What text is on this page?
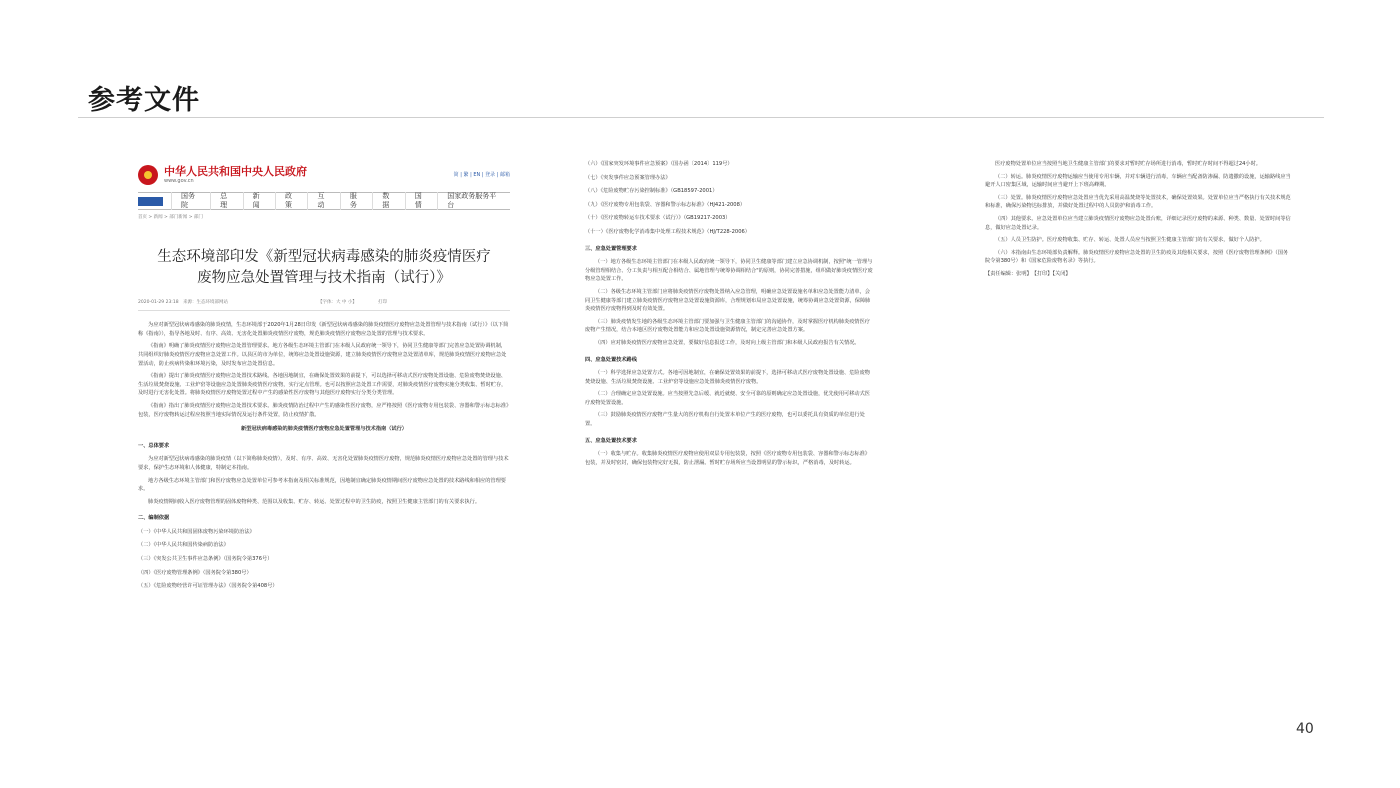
参考文件
中华人民共和国中央人民政府
www.gov.cn
简 | 繁 | EN | 登录 | 邮箱
国务院
总理
新闻
政策
互动
服务
数据
国情
国家政务服务平台
首页 > 新闻 > 部门新闻 > 部门
生态环境部印发《新型冠状病毒感染的肺炎疫情医疗
废物应急处置管理与技术指南（试行）》
2020-01-29 23:18　来源：生态环境部网站	【字体：大 中 小】	打印

为应对新型冠状病毒感染的肺炎疫情，生态环境部于2020年1月28日印发《新型冠状病毒感染的肺炎疫情医疗废物应急处置管理与技术指南（试行）》（以下简称《指南》），指导各地及时、有序、高效、无害化处置肺炎疫情医疗废物，规范肺炎疫情医疗废物应急处置的管理与技术要求。

《指南》明确了肺炎疫情医疗废物应急处置管理要求。地方各级生态环境主管部门在本级人民政府统一领导下，协同卫生健康等部门完善应急处置协调机制，共同组织好肺炎疫情医疗废物应急处置工作。以县区的市为单位，统筹应急处置设施资源，建立肺炎疫情医疗废物应急处置清单库，规范肺炎疫情医疗废物应急处置活动，防止疾病传染和环境污染，及时发布应急处置信息。

《指南》提出了肺炎疫情医疗废物应急处置技术路线。各地因地制宜，在确保处置效果的前提下，可以选择可移动式医疗废物处置设施、危险废物焚烧设施、生活垃圾焚烧设施、工业炉窑等设施应急处置肺炎疫情医疗废物，实行定点管理。也可以按照应急处置工作需要，对肺炎疫情医疗废物实施分类收集、暂时贮存，及时进行无害化处置。将肺炎疫情医疗废物处置过程中产生的感染性医疗废物与其他医疗废物实行分类分类管理。

《指南》指出了肺炎疫情医疗废物应急处置技术要求。肺炎疫情防治过程中产生的感染性医疗废物，应严格按照《医疗废物专用包装袋、容器和警示标志标准》包装，医疗废物转运过程应按照当地实际情况及运行条件处置，防止疫情扩散。

新型冠状病毒感染的肺炎疫情医疗废物应急处置管理与技术指南（试行）
一、总体要求

为应对新型冠状病毒感染的肺炎疫情（以下简称肺炎疫情），及时、有序、高效、无害化处置肺炎疫情医疗废物，规范肺炎疫情医疗废物应急处置的管理与技术要求，保护生态环境和人体健康，特制定本指南。

地方各级生态环境主管部门和医疗废物应急处置单位可参考本指南及相关标准规范，因地制宜确定肺炎疫情期间医疗废物应急处置的技术路线和相应的管理要求。

肺炎疫情期间收入医疗废物管理的固体废物种类、范围以及收集、贮存、转运、处置过程中的卫生防疫，按照卫生健康主管部门的有关要求执行。

二、编制依据
（一）《中华人民共和国固体废物污染环境防治法》
（二）《中华人民共和国传染病防治法》
（三）《突发公共卫生事件应急条例》（国务院令第376号）
（四）《医疗废物管理条例》（国务院令第380号）
（五）《危险废物经营许可证管理办法》（国务院令第408号）
（六）《国家突发环境事件应急预案》（国办函〔2014〕119号）
（七）《突发事件应急预案管理办法》
（八）《危险废物贮存污染控制标准》（GB18597-2001）
（九）《医疗废物专用包装袋、容器和警示标志标准》（HJ421-2008）
（十）《医疗废物转运车技术要求（试行）》（GB19217-2003）
（十一）《医疗废物化学消毒集中处理工程技术规范》（HJ/T228-2006）
三、应急处置管理要求

（一）地方各级生态环境主管部门在本级人民政府统一领导下，协同卫生健康等部门建立应急协调机制，按照"统一管理与分级管理相结合、分工负责与相互配合相结合、属地管理与统筹协调相结合"的原则，协同完善措施，组织做好肺炎疫情医疗废物应急处置工作。

（二）各级生态环境主管部门应将肺炎疫情医疗废物处置纳入应急管理，明确应急处置设施名单和应急处置能力清单，会同卫生健康等部门建立肺炎疫情医疗废物应急处置设施资源库，合理规划布局应急处置设施，统筹协调应急处置资源，保障肺炎疫情医疗废物得到及时有效处置。

（三）肺炎疫情发生地的各级生态环境主管部门要加强与卫生健康主管部门的沟通协作，及时掌握医疗机构肺炎疫情医疗废物产生情况，结合本地区医疗废物处置能力和应急处置设施资源情况，制定完善应急处置方案。

（四）应对肺炎疫情医疗废物应急处置，要做好信息报送工作，及时向上级主管部门和本级人民政府报告有关情况。

四、应急处置技术路线

（一）科学选择应急处置方式。各地可因地制宜，在确保处置效果的前提下，选择可移动式医疗废物处置设施、危险废物焚烧设施、生活垃圾焚烧设施、工业炉窑等设施应急处置肺炎疫情医疗废物。

（二）合理确定应急处置设施。应当按照先急后缓、就近就便、安全可靠的原则确定应急处置设施，优先使用可移动式医疗废物处置设施。

（三）鼓励肺炎疫情医疗废物产生量大的医疗机构自行处置本单位产生的医疗废物，也可以委托具有资质的单位进行处置。

五、应急处置技术要求

（一）收集与贮存。收集肺炎疫情医疗废物应使用双层专用包装袋，按照《医疗废物专用包装袋、容器和警示标志标准》包装，并及时密封，确保包装物完好无损，防止泄漏。暂时贮存场所应当设置明显的警示标识，严格消毒，及时转运。

医疗废物处置单位应当按照当地卫生健康主管部门的要求对暂时贮存场所进行消毒，暂时贮存时间不得超过24小时。

（二）转运。肺炎疫情医疗废物运输应当使用专用车辆，并对车辆进行消毒，车辆应当配备防渗漏、防遗撒的设施，运输路线应当避开人口密集区域，运输时间应当避开上下班高峰期。

（三）处置。肺炎疫情医疗废物应急处置应当优先采用高温焚烧等处置技术，确保处置效果。处置单位应当严格执行有关技术规范和标准，确保污染物达标排放，并做好处置过程中的人员防护和消毒工作。

（四）其他要求。应急处置单位应当建立肺炎疫情医疗废物应急处置台账，详细记录医疗废物的来源、种类、数量、处置时间等信息，做好应急处置记录。

（五）人员卫生防护。医疗废物收集、贮存、转运、处置人员应当按照卫生健康主管部门的有关要求，做好个人防护。

（六）本指南由生态环境部负责解释。肺炎疫情医疗废物应急处置的卫生防疫及其他相关要求，按照《医疗废物管理条例》（国务院令第380号）和《国家危险废物名录》等执行。

【责任编辑：张明】　【打印】【关闭】

40
